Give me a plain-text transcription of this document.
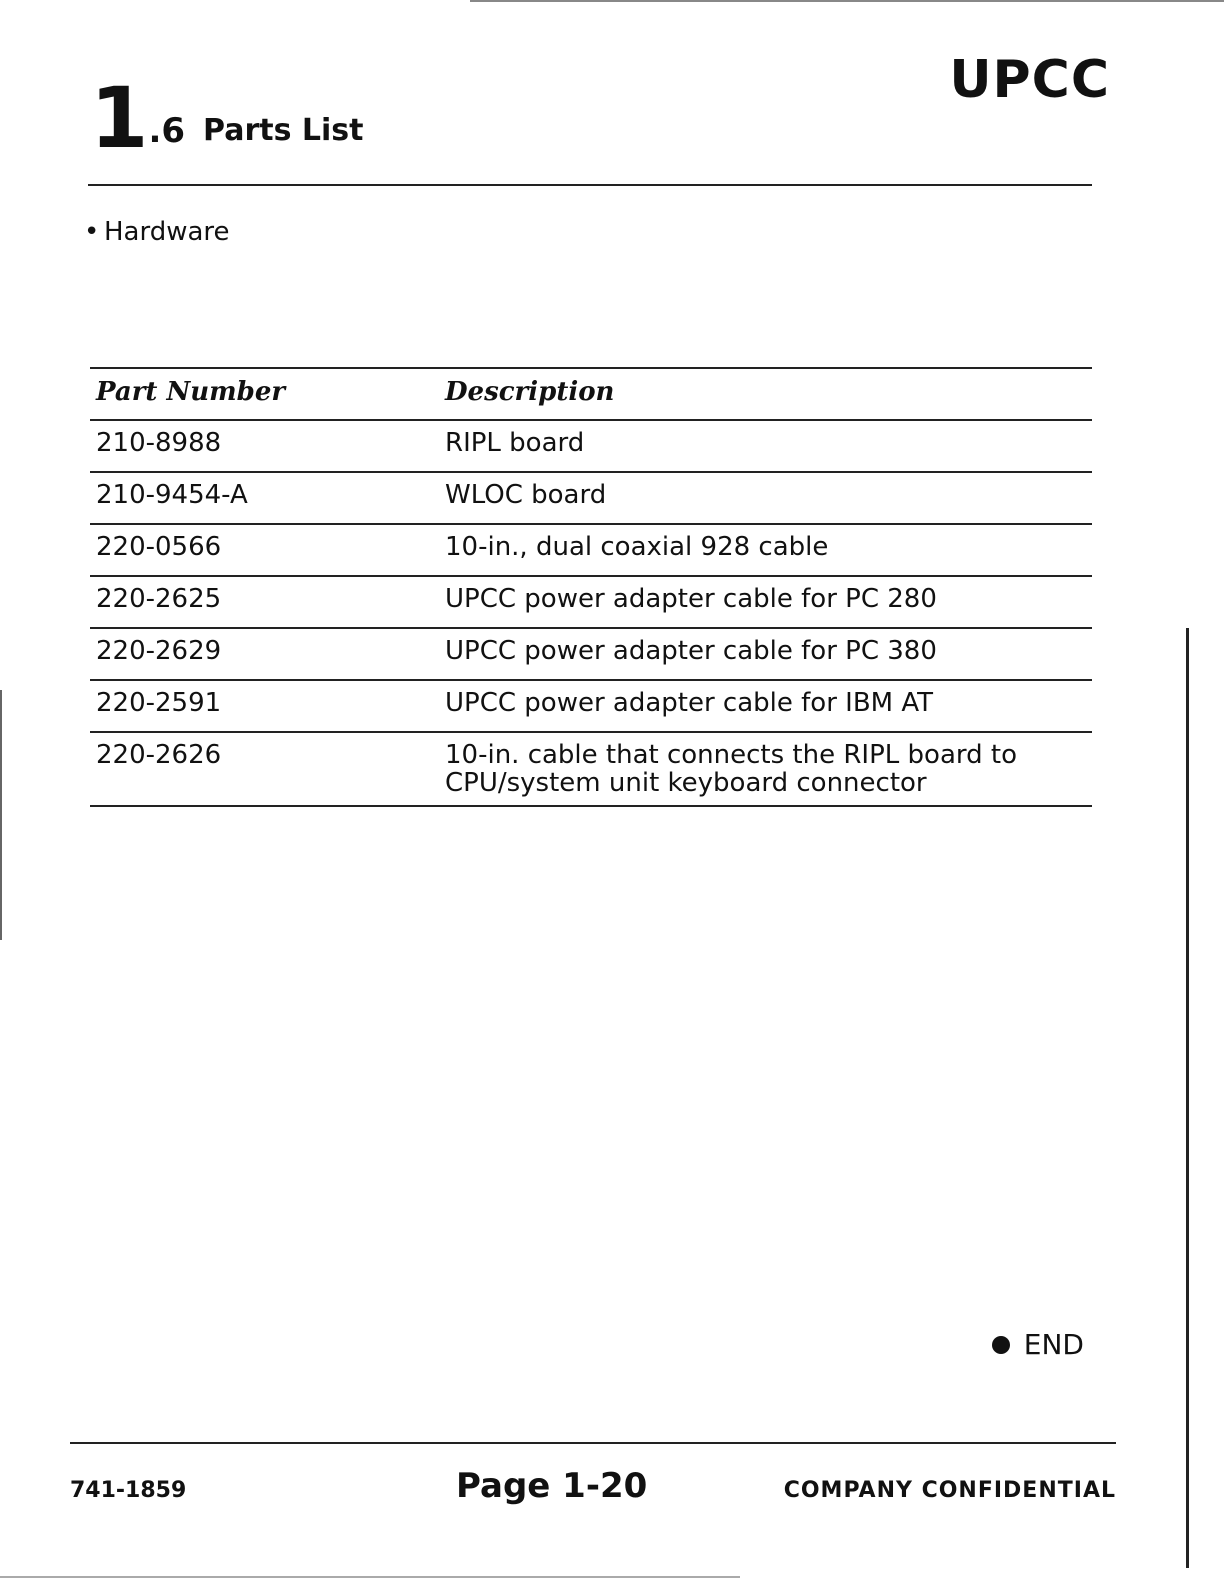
1 .6 Parts List
UPCC
• Hardware
Part Number	Description
210-8988	RIPL board
210-9454-A	WLOC board
220-0566	10-in., dual coaxial 928 cable
220-2625	UPCC power adapter cable for PC 280
220-2629	UPCC power adapter cable for PC 380
220-2591	UPCC power adapter cable for IBM AT
220-2626	10-in. cable that connects the RIPL board to CPU/system unit keyboard connector
END
741-1859	Page 1-20	COMPANY CONFIDENTIAL
